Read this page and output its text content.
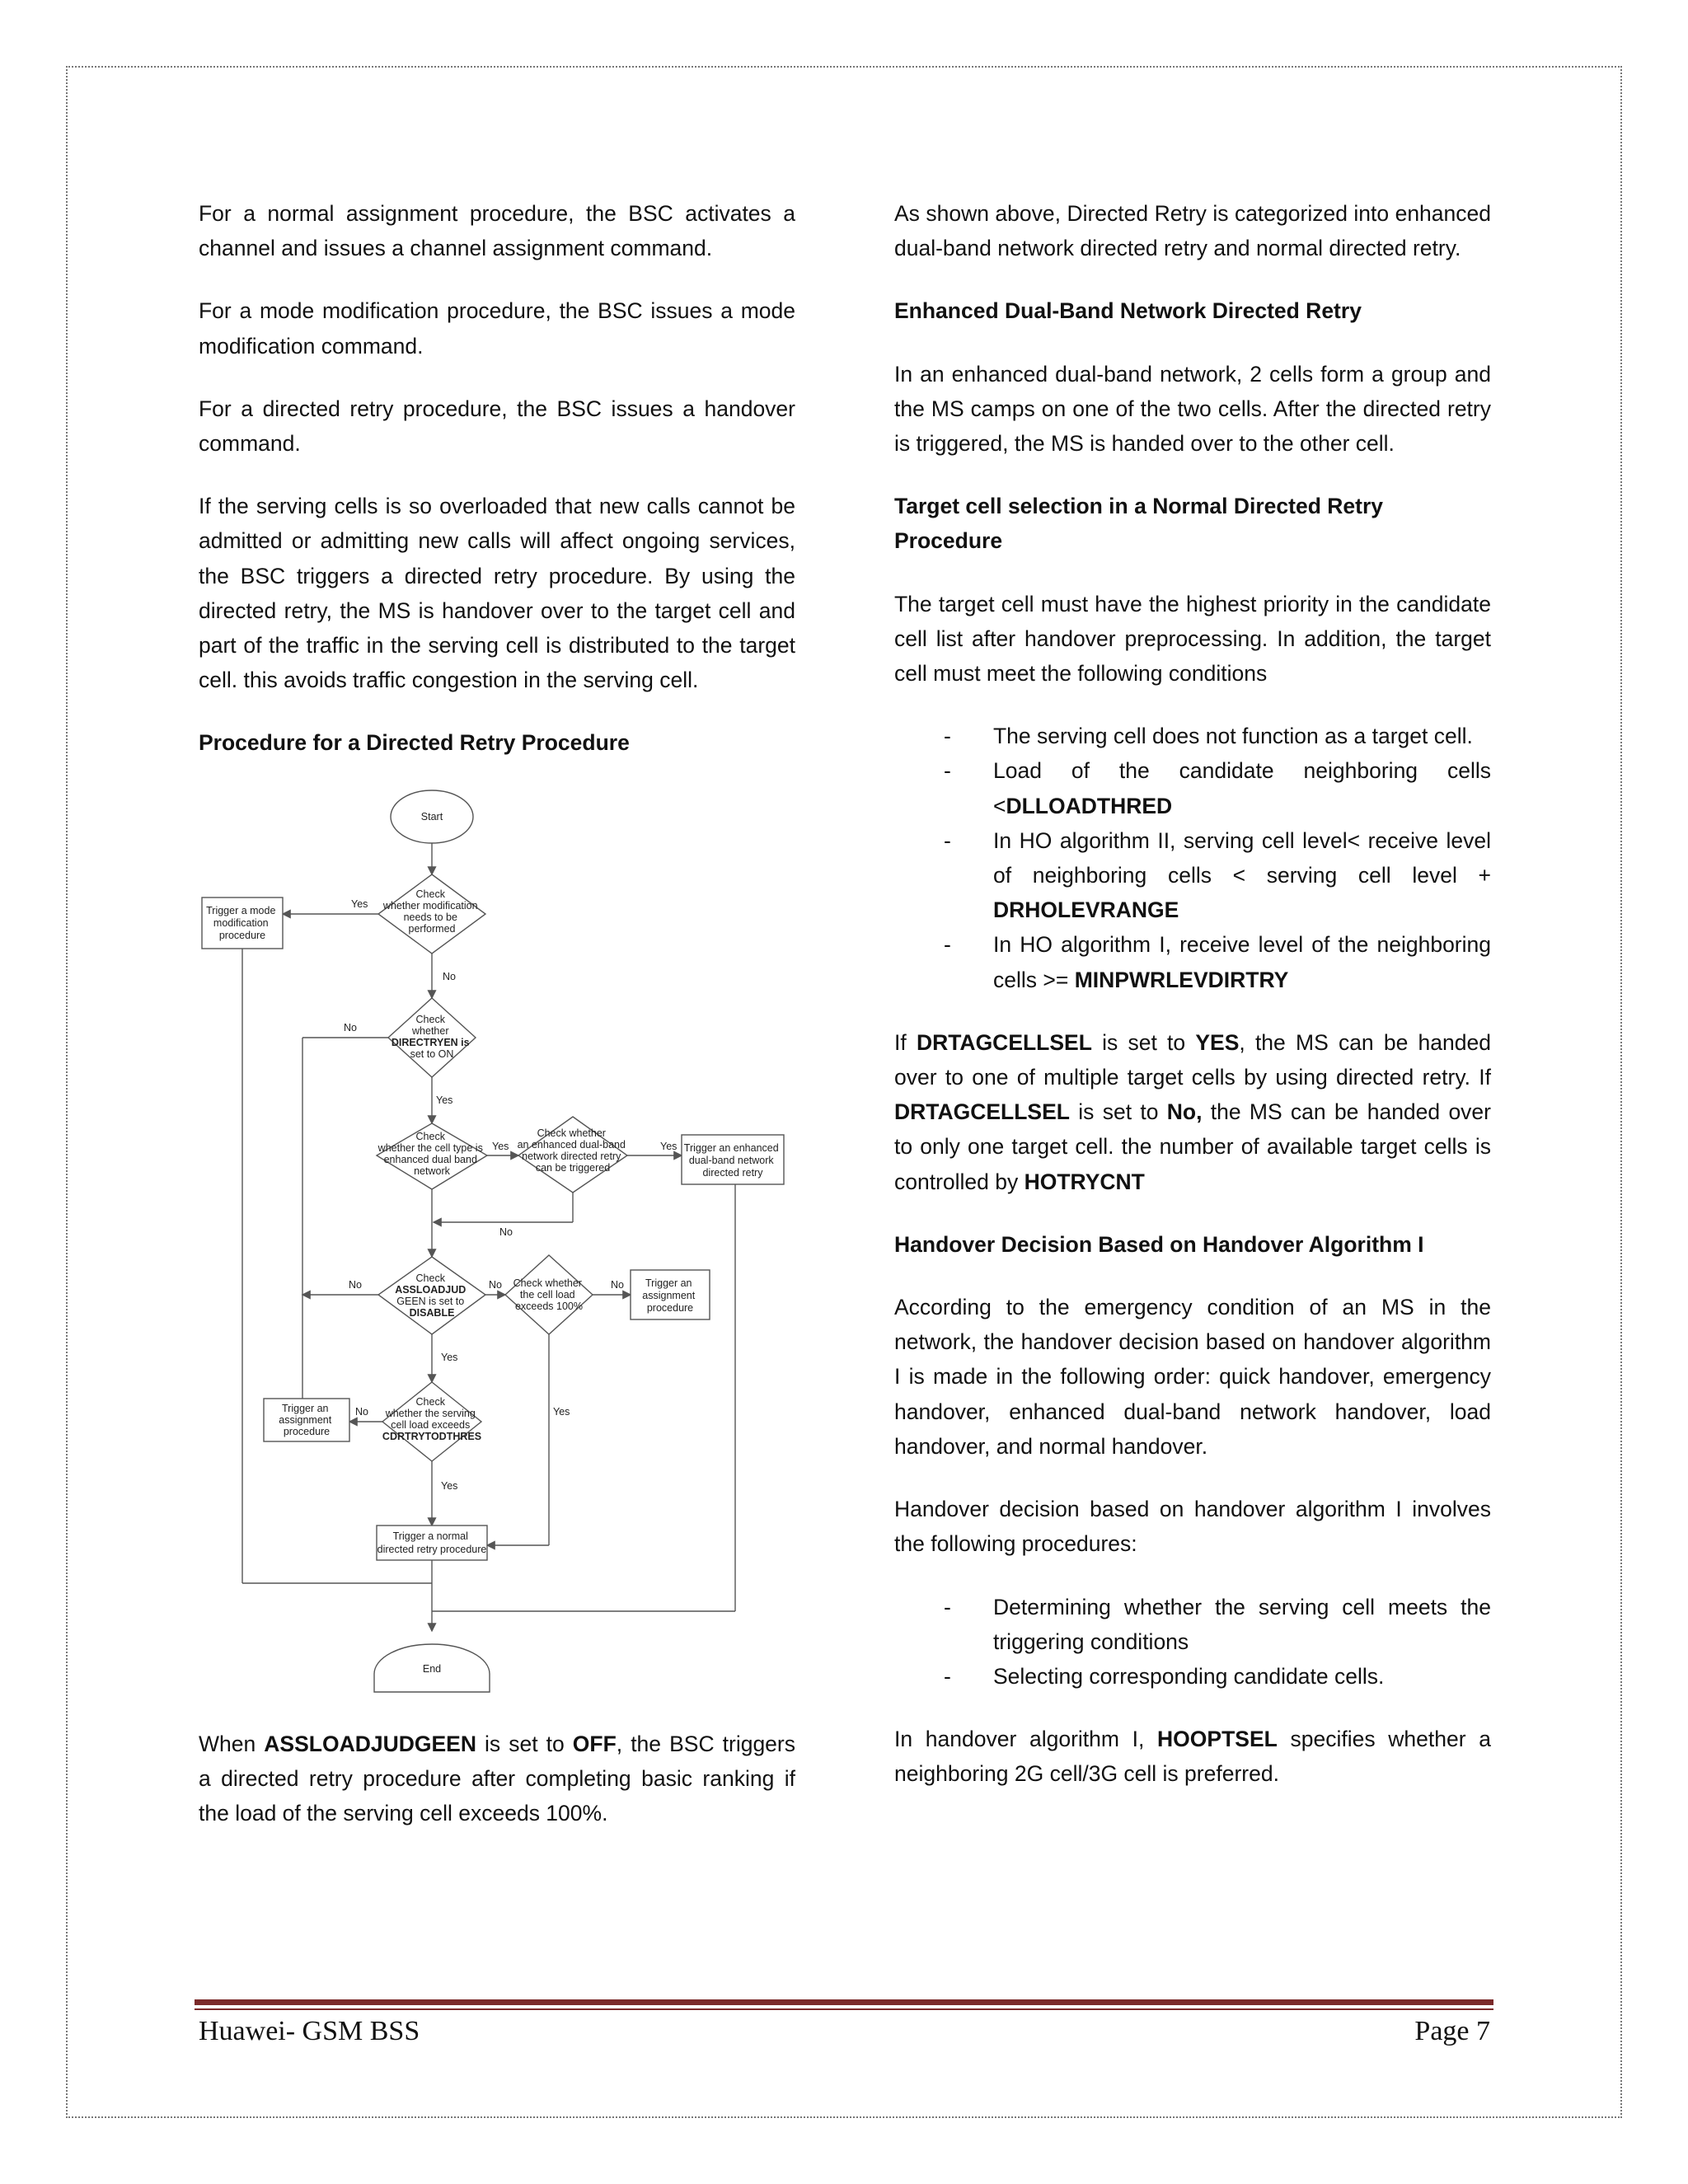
For a normal assignment procedure, the BSC activates a channel and issues a channel assignment command.

For a mode modification procedure, the BSC issues a mode modification command.

For a directed retry procedure, the BSC issues a handover command.

If the serving cells is so overloaded that new calls cannot be admitted or admitting new calls will affect ongoing services, the BSC triggers a directed retry procedure. By using the directed retry, the MS is handover over to the target cell and part of the traffic in the serving cell is distributed to the target cell. this avoids traffic congestion in the serving cell.

Procedure for a Directed Retry Procedure

Start
End
Check whether modification needs to be performed
Trigger a mode modification procedure
Yes
No
Check whether DIRECTRYEN is set to ON
No
Yes
Check whether the cell type is enhanced dual band network
Yes
Check whether an enhanced dual-band network directed retry can be triggered
Yes
No
Trigger an enhanced dual-band network directed retry
Check ASSLOADJUD GEEN is set to DISABLE
No	No
Yes
Check whether the cell load exceeds 100%
No
Yes
Trigger an assignment procedure
Check whether the serving cell load exceeds CDRTRYTODTHRES
No
Yes
Trigger an assignment procedure
Trigger a normal directed retry procedure

When ASSLOADJUDGEEN is set to OFF, the BSC triggers a directed retry procedure after completing basic ranking if the load of the serving cell exceeds 100%.

As shown above, Directed Retry is categorized into enhanced dual-band network directed retry and normal directed retry.

Enhanced Dual-Band Network Directed Retry

In an enhanced dual-band network, 2 cells form a group and the MS camps on one of the two cells. After the directed retry is triggered, the MS is handed over to the other cell.

Target cell selection in a Normal Directed Retry Procedure

The target cell must have the highest priority in the candidate cell list after handover preprocessing. In addition, the target cell must meet the following conditions

- The serving cell does not function as a target cell.
- Load of the candidate neighboring cells <DLLOADTHRED
- In HO algorithm II, serving cell level< receive level of neighboring cells < serving cell level + DRHOLEVRANGE
- In HO algorithm I, receive level of the neighboring cells >= MINPWRLEVDIRTRY

If DRTAGCELLSEL is set to YES, the MS can be handed over to one of multiple target cells by using directed retry. If DRTAGCELLSEL is set to No, the MS can be handed over to only one target cell. the number of available target cells is controlled by HOTRYCNT

Handover Decision Based on Handover Algorithm I

According to the emergency condition of an MS in the network, the handover decision based on handover algorithm I is made in the following order: quick handover, emergency handover, enhanced dual-band network handover, load handover, and normal handover.

Handover decision based on handover algorithm I involves the following procedures:

- Determining whether the serving cell meets the triggering conditions
- Selecting corresponding candidate cells.

In handover algorithm I, HOOPTSEL specifies whether a neighboring 2G cell/3G cell is preferred.

Huawei- GSM BSS	Page 7
